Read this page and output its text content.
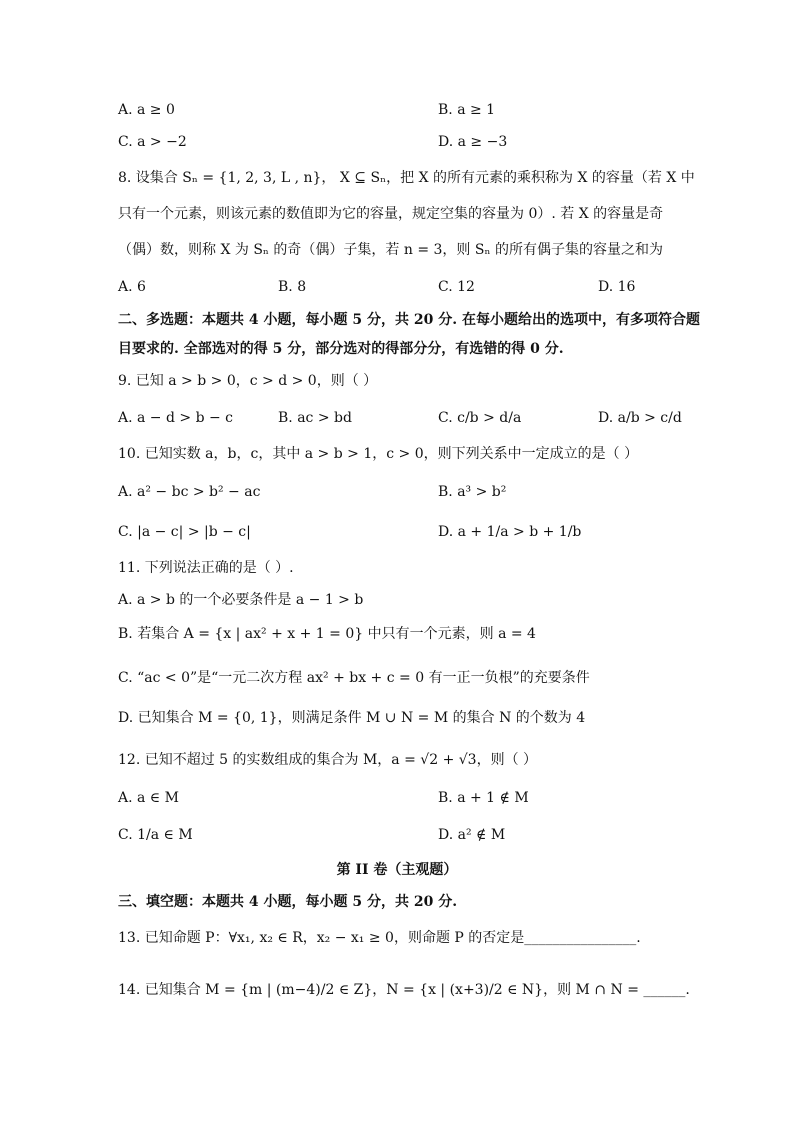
A. a ≥ 0	B. a ≥ 1
C. a > −2	D. a ≥ −3
8. 设集合 Sₙ = {1, 2, 3, L , n}， X ⊆ Sₙ，把 X 的所有元素的乘积称为 X 的容量（若 X 中
只有一个元素，则该元素的数值即为它的容量，规定空集的容量为 0）. 若 X 的容量是奇
（偶）数，则称 X 为 Sₙ 的奇（偶）子集，若 n = 3，则 Sₙ 的所有偶子集的容量之和为
A. 6	B. 8	C. 12	D. 16
二、多选题：本题共 4 小题，每小题 5 分，共 20 分. 在每小题给出的选项中，有多项符合题
目要求的. 全部选对的得 5 分，部分选对的得部分分，有选错的得 0 分.
9. 已知 a > b > 0，c > d > 0，则（ ）
A. a − d > b − c	B. ac > bd	C. c/b > d/a	D. a/b > c/d
10. 已知实数 a，b，c，其中 a > b > 1，c > 0，则下列关系中一定成立的是（ ）
A. a² − bc > b² − ac	B. a³ > b²
C. |a − c| > |b − c|	D. a + 1/a > b + 1/b
11. 下列说法正确的是（ ）.
A. a > b 的一个必要条件是 a − 1 > b
B. 若集合 A = {x | ax² + x + 1 = 0} 中只有一个元素，则 a = 4
C. “ac < 0”是“一元二次方程 ax² + bx + c = 0 有一正一负根”的充要条件
D. 已知集合 M = {0, 1}，则满足条件 M ∪ N = M 的集合 N 的个数为 4
12. 已知不超过 5 的实数组成的集合为 M，a = √2 + √3，则（ ）
A. a ∈ M	B. a + 1 ∉ M
C. 1/a ∈ M	D. a² ∉ M
第 II 卷（主观题）
三、填空题：本题共 4 小题，每小题 5 分，共 20 分.
13. 已知命题 P：∀x₁, x₂ ∈ R，x₂ − x₁ ≥ 0，则命题 P 的否定是________________.
14. 已知集合 M = {m | (m−4)/2 ∈ Z}，N = {x | (x+3)/2 ∈ N}，则 M ∩ N = ______.
